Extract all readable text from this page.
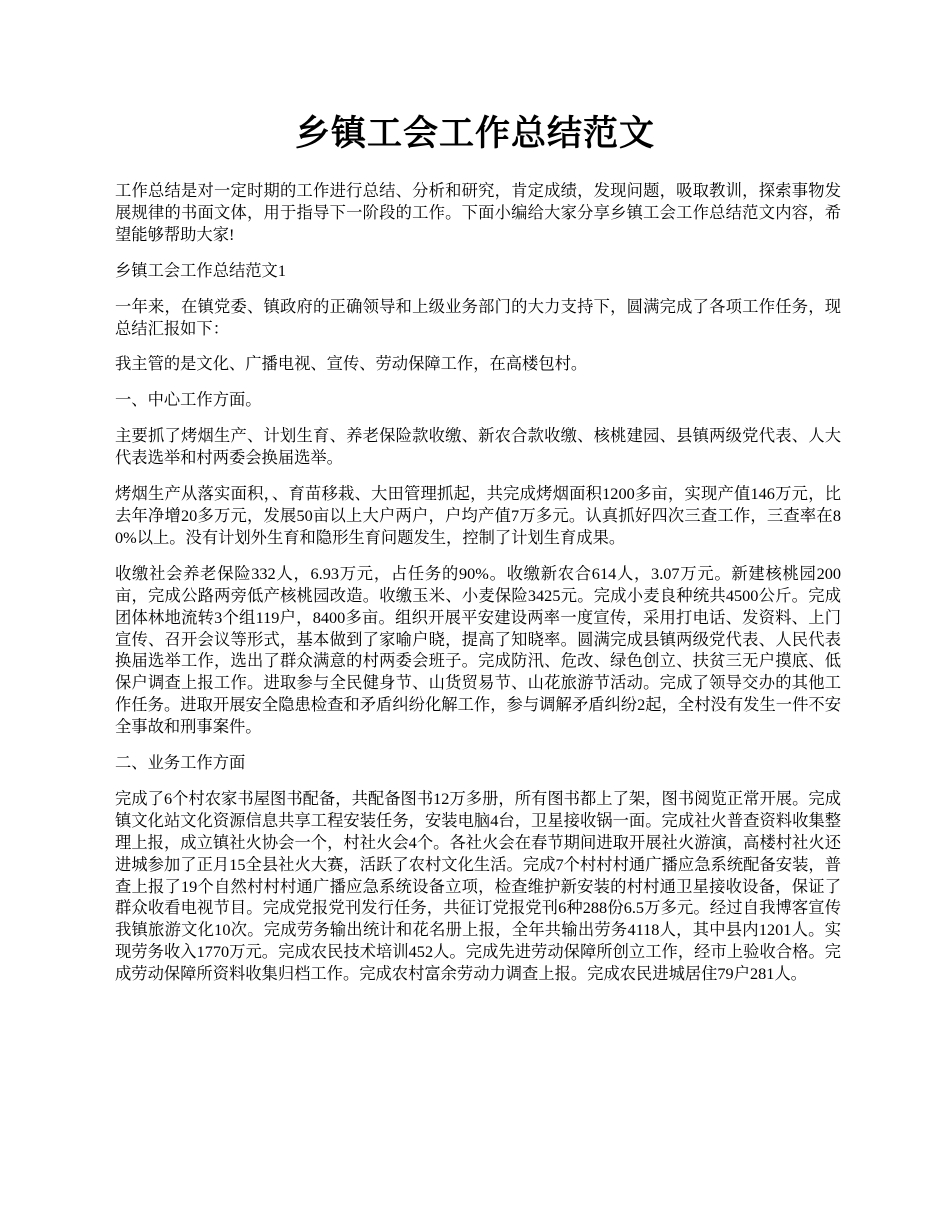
乡镇工会工作总结范文

工作总结是对一定时期的工作进行总结、分析和研究，肯定成绩，发现问题，吸取教训，探索事物发展规律的书面文体，用于指导下一阶段的工作。下面小编给大家分享乡镇工会工作总结范文内容，希望能够帮助大家!

乡镇工会工作总结范文1

一年来，在镇党委、镇政府的正确领导和上级业务部门的大力支持下，圆满完成了各项工作任务，现总结汇报如下：

我主管的是文化、广播电视、宣传、劳动保障工作，在高楼包村。

一、中心工作方面。

主要抓了烤烟生产、计划生育、养老保险款收缴、新农合款收缴、核桃建园、县镇两级党代表、人大代表选举和村两委会换届选举。

烤烟生产从落实面积，、育苗移栽、大田管理抓起，共完成烤烟面积1200多亩，实现产值146万元，比去年净增20多万元，发展50亩以上大户两户，户均产值7万多元。认真抓好四次三查工作，三查率在80%以上。没有计划外生育和隐形生育问题发生，控制了计划生育成果。

收缴社会养老保险332人，6.93万元，占任务的90%。收缴新农合614人，3.07万元。新建核桃园200亩，完成公路两旁低产核桃园改造。收缴玉米、小麦保险3425元。完成小麦良种统共4500公斤。完成团体林地流转3个组119户，8400多亩。组织开展平安建设两率一度宣传，采用打电话、发资料、上门宣传、召开会议等形式，基本做到了家喻户晓，提高了知晓率。圆满完成县镇两级党代表、人民代表换届选举工作，选出了群众满意的村两委会班子。完成防汛、危改、绿色创立、扶贫三无户摸底、低保户调查上报工作。进取参与全民健身节、山货贸易节、山花旅游节活动。完成了领导交办的其他工作任务。进取开展安全隐患检查和矛盾纠纷化解工作，参与调解矛盾纠纷2起，全村没有发生一件不安全事故和刑事案件。

二、业务工作方面

完成了6个村农家书屋图书配备，共配备图书12万多册，所有图书都上了架，图书阅览正常开展。完成镇文化站文化资源信息共享工程安装任务，安装电脑4台，卫星接收锅一面。完成社火普查资料收集整理上报，成立镇社火协会一个，村社火会4个。各社火会在春节期间进取开展社火游演，高楼村社火还进城参加了正月15全县社火大赛，活跃了农村文化生活。完成7个村村村通广播应急系统配备安装，普查上报了19个自然村村村通广播应急系统设备立项，检查维护新安装的村村通卫星接收设备，保证了群众收看电视节目。完成党报党刊发行任务，共征订党报党刊6种288份6.5万多元。经过自我博客宣传我镇旅游文化10次。完成劳务输出统计和花名册上报，全年共输出劳务4118人，其中县内1201人。实现劳务收入1770万元。完成农民技术培训452人。完成先进劳动保障所创立工作，经市上验收合格。完成劳动保障所资料收集归档工作。完成农村富余劳动力调查上报。完成农民进城居住79户281人。
